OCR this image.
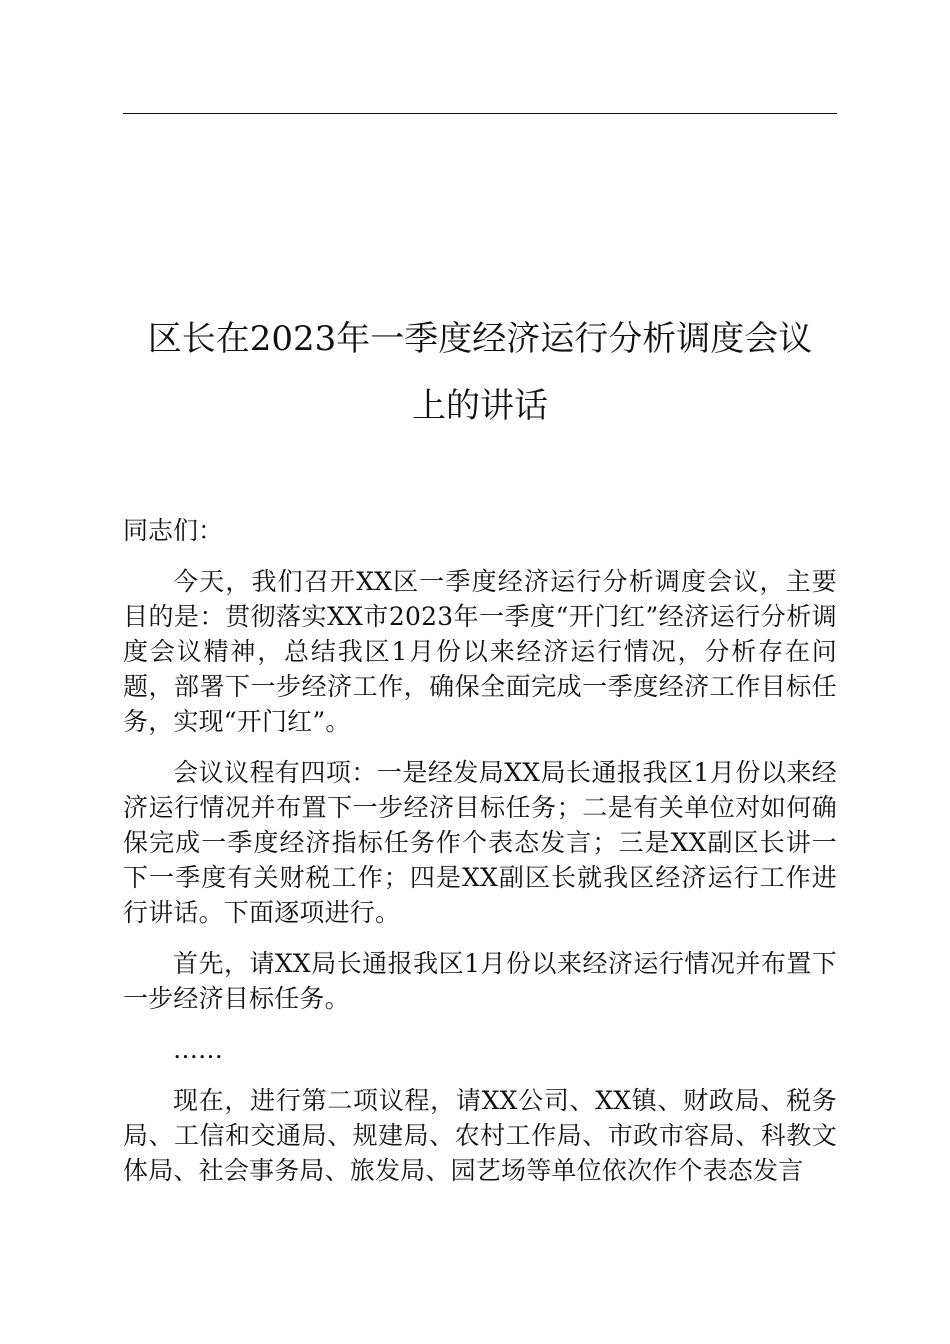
区长在2023年一季度经济运行分析调度会议
上的讲话

同志们：

今天，我们召开XX区一季度经济运行分析调度会议，主要目的是：贯彻落实XX市2023年一季度“开门红”经济运行分析调度会议精神，总结我区1月份以来经济运行情况，分析存在问题，部署下一步经济工作，确保全面完成一季度经济工作目标任务，实现“开门红”。

会议议程有四项：一是经发局XX局长通报我区1月份以来经济运行情况并布置下一步经济目标任务；二是有关单位对如何确保完成一季度经济指标任务作个表态发言；三是XX副区长讲一下一季度有关财税工作；四是XX副区长就我区经济运行工作进行讲话。下面逐项进行。

首先，请XX局长通报我区1月份以来经济运行情况并布置下一步经济目标任务。

……

现在，进行第二项议程，请XX公司、XX镇、财政局、税务局、工信和交通局、规建局、农村工作局、市政市容局、科教文体局、社会事务局、旅发局、园艺场等单位依次作个表态发言
